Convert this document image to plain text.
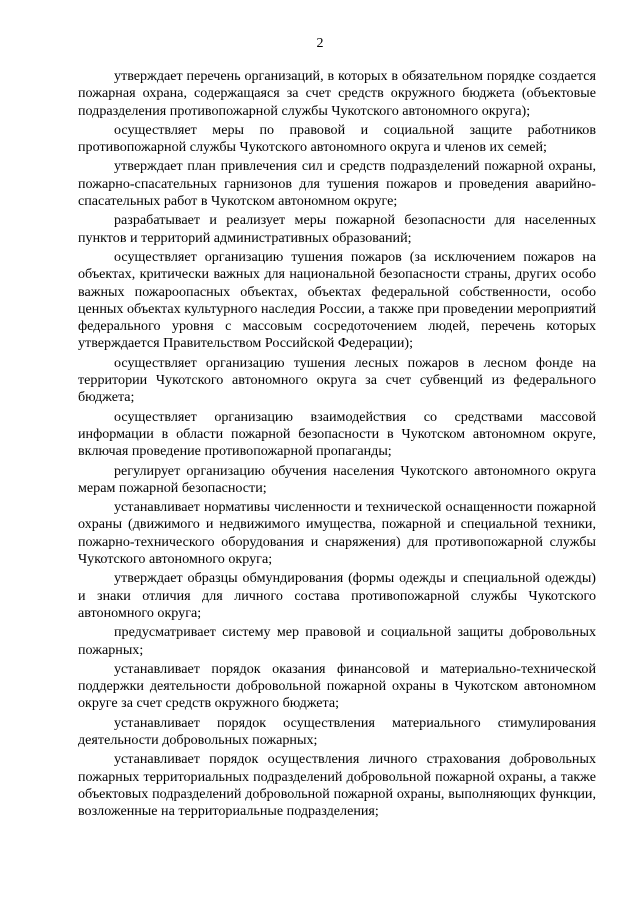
2

утверждает перечень организаций, в которых в обязательном порядке создается пожарная охрана, содержащаяся за счет средств окружного бюджета (объектовые подразделения противопожарной службы Чукотского автономного округа);

осуществляет меры по правовой и социальной защите работников противопожарной службы Чукотского автономного округа и членов их семей;

утверждает план привлечения сил и средств подразделений пожарной охраны, пожарно-спасательных гарнизонов для тушения пожаров и проведения аварийно-спасательных работ в Чукотском автономном округе;

разрабатывает и реализует меры пожарной безопасности для населенных пунктов и территорий административных образований;

осуществляет организацию тушения пожаров (за исключением пожаров на объектах, критически важных для национальной безопасности страны, других особо важных пожароопасных объектах, объектах федеральной собственности, особо ценных объектах культурного наследия России, а также при проведении мероприятий федерального уровня с массовым сосредоточением людей, перечень которых утверждается Правительством Российской Федерации);

осуществляет организацию тушения лесных пожаров в лесном фонде на территории Чукотского автономного округа за счет субвенций из федерального бюджета;

осуществляет организацию взаимодействия со средствами массовой информации в области пожарной безопасности в Чукотском автономном округе, включая проведение противопожарной пропаганды;

регулирует организацию обучения населения Чукотского автономного округа мерам пожарной безопасности;

устанавливает нормативы численности и технической оснащенности пожарной охраны (движимого и недвижимого имущества, пожарной и специальной техники, пожарно-технического оборудования и снаряжения) для противопожарной службы Чукотского автономного округа;

утверждает образцы обмундирования (формы одежды и специальной одежды) и знаки отличия для личного состава противопожарной службы Чукотского автономного округа;

предусматривает систему мер правовой и социальной защиты добровольных пожарных;

устанавливает порядок оказания финансовой и материально-технической поддержки деятельности добровольной пожарной охраны в Чукотском автономном округе за счет средств окружного бюджета;

устанавливает порядок осуществления материального стимулирования деятельности добровольных пожарных;

устанавливает порядок осуществления личного страхования добровольных пожарных территориальных подразделений добровольной пожарной охраны, а также объектовых подразделений добровольной пожарной охраны, выполняющих функции, возложенные на территориальные подразделения;
